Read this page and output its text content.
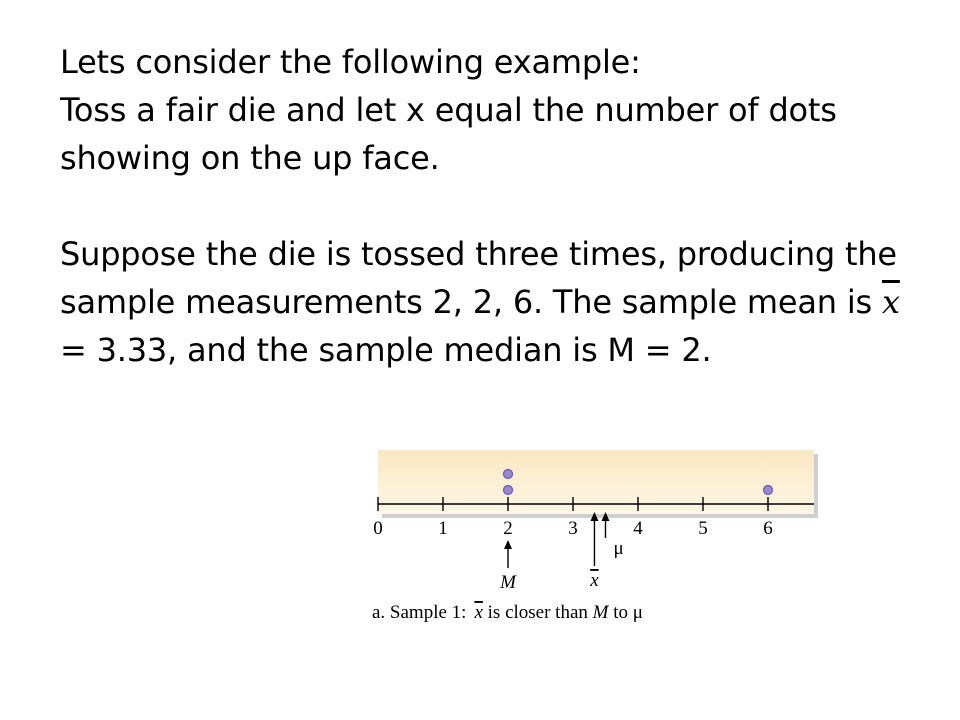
Lets consider the following example:

Toss a fair die and let x equal the number of dots showing on the up face.

Suppose the die is tossed three times, producing the sample measurements 2, 2, 6. The sample mean is $\overline{x} = 3.33$, and the sample median is M = 2.

0	1	2	3	4	5	6
M	x
μ
a. Sample 1: x is closer than M to μ
